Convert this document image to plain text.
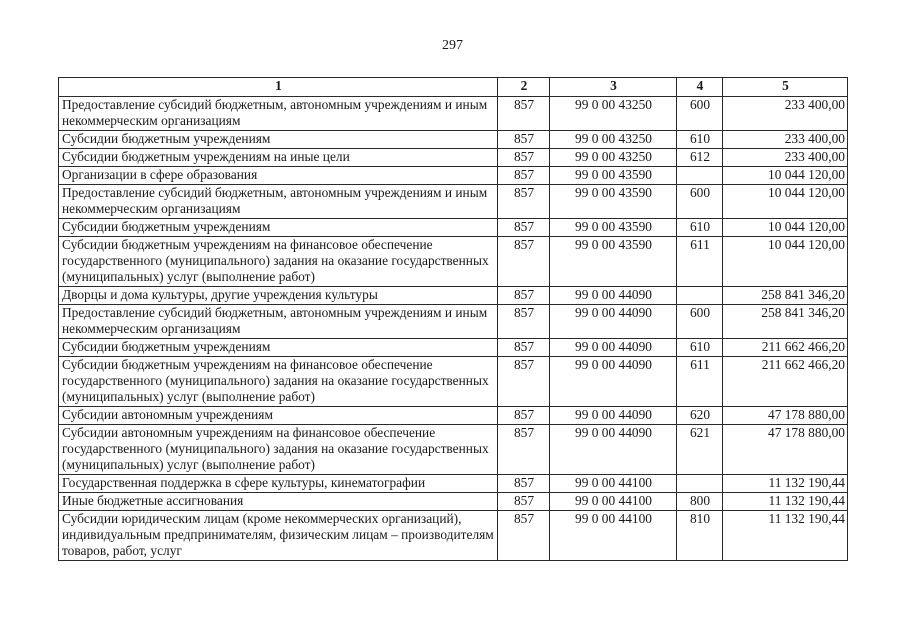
297
1	2	3	4	5
Предоставление субсидий бюджетным, автономным учреждениям и иным некоммерческим организациям	857	99 0 00 43250	600	233 400,00
Субсидии бюджетным учреждениям	857	99 0 00 43250	610	233 400,00
Субсидии бюджетным учреждениям на иные цели	857	99 0 00 43250	612	233 400,00
Организации в сфере образования	857	99 0 00 43590		10 044 120,00
Предоставление субсидий бюджетным, автономным учреждениям и иным некоммерческим организациям	857	99 0 00 43590	600	10 044 120,00
Субсидии бюджетным учреждениям	857	99 0 00 43590	610	10 044 120,00
Субсидии бюджетным учреждениям на финансовое обеспечение государственного (муниципального) задания на оказание государственных (муниципальных) услуг (выполнение работ)	857	99 0 00 43590	611	10 044 120,00
Дворцы и дома культуры, другие учреждения культуры	857	99 0 00 44090		258 841 346,20
Предоставление субсидий бюджетным, автономным учреждениям и иным некоммерческим организациям	857	99 0 00 44090	600	258 841 346,20
Субсидии бюджетным учреждениям	857	99 0 00 44090	610	211 662 466,20
Субсидии бюджетным учреждениям на финансовое обеспечение государственного (муниципального) задания на оказание государственных (муниципальных) услуг (выполнение работ)	857	99 0 00 44090	611	211 662 466,20
Субсидии автономным учреждениям	857	99 0 00 44090	620	47 178 880,00
Субсидии автономным учреждениям на финансовое обеспечение государственного (муниципального) задания на оказание государственных (муниципальных) услуг (выполнение работ)	857	99 0 00 44090	621	47 178 880,00
Государственная поддержка в сфере культуры, кинематографии	857	99 0 00 44100		11 132 190,44
Иные бюджетные ассигнования	857	99 0 00 44100	800	11 132 190,44
Субсидии юридическим лицам (кроме некоммерческих организаций), индивидуальным предпринимателям, физическим лицам – производителям товаров, работ, услуг	857	99 0 00 44100	810	11 132 190,44
